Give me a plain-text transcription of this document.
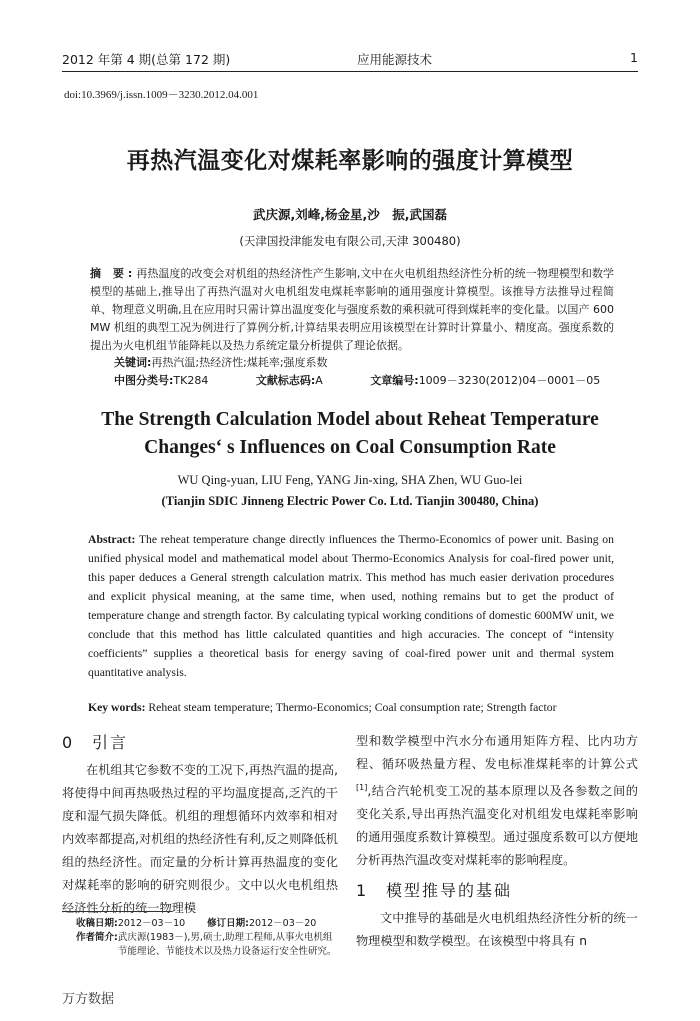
2012 年第 4 期(总第 172 期)	应用能源技术	1
doi:10.3969/j.issn.1009－3230.2012.04.001
再热汽温变化对煤耗率影响的强度计算模型
武庆源,刘峰,杨金星,沙　振,武国磊
(天津国投津能发电有限公司,天津 300480)
摘 要:再热温度的改变会对机组的热经济性产生影响,文中在火电机组热经济性分析的统一物理模型和数学模型的基础上,推导出了再热汽温对火电机组发电煤耗率影响的通用强度计算模型。该推导方法推导过程简单、物理意义明确,且在应用时只需计算出温度变化与强度系数的乘积就可得到煤耗率的变化量。以国产 600 MW 机组的典型工况为例进行了算例分析,计算结果表明应用该模型在计算时计算量小、精度高。强度系数的提出为火电机组节能降耗以及热力系统定量分析提供了理论依据。
关键词:再热汽温;热经济性;煤耗率;强度系数
中图分类号:TK284	文献标志码:A	文章编号:1009－3230(2012)04－0001－05
The Strength Calculation Model about Reheat Temperature
Changes‘ s Influences on Coal Consumption Rate
WU Qing-yuan, LIU Feng, YANG Jin-xing, SHA Zhen, WU Guo-lei
(Tianjin SDIC Jinneng Electric Power Co. Ltd. Tianjin 300480, China)
Abstract: The reheat temperature change directly influences the Thermo-Economics of power unit. Basing on unified physical model and mathematical model about Thermo-Economics Analysis for coal-fired power unit, this paper deduces a General strength calculation matrix. This method has much easier derivation procedures and explicit physical meaning, at the same time, when used, nothing remains but to get the product of temperature change and strength factor. By calculating typical working conditions of domestic 600MW unit, we conclude that this method has little calculated quantities and high accuracies. The concept of “intensity coefficients” supplies a theoretical basis for energy saving of coal-fired power unit and thermal system quantitative analysis.
Key words: Reheat steam temperature; Thermo-Economics; Coal consumption rate; Strength factor
0 引言

在机组其它参数不变的工况下,再热汽温的提高,将使得中间再热吸热过程的平均温度提高,乏汽的干度和湿气损失降低。机组的理想循环内效率和相对内效率都提高,对机组的热经济性有利,反之则降低机组的热经济性。而定量的分析计算再热温度的变化对煤耗率的影响的研究则很少。文中以火电机组热经济性分析的统一物理模

型和数学模型中汽水分布通用矩阵方程、比内功方程、循环吸热量方程、发电标准煤耗率的计算公式[1],结合汽轮机变工况的基本原理以及各参数之间的变化关系,导出再热汽温变化对机组发电煤耗率影响的通用强度系数计算模型。通过强度系数可以方便地分析再热汽温改变对煤耗率的影响程度。

1 模型推导的基础

文中推导的基础是火电机组热经济性分析的统一物理模型和数学模型。在该模型中将具有 n

收稿日期: 2012－03－10 修订日期: 2012－03－20
作者简介: 武庆源(1983－),男,硕士,助理工程师,从事火电机组节能理论、节能技术以及热力设备运行安全性研究。
万方数据
